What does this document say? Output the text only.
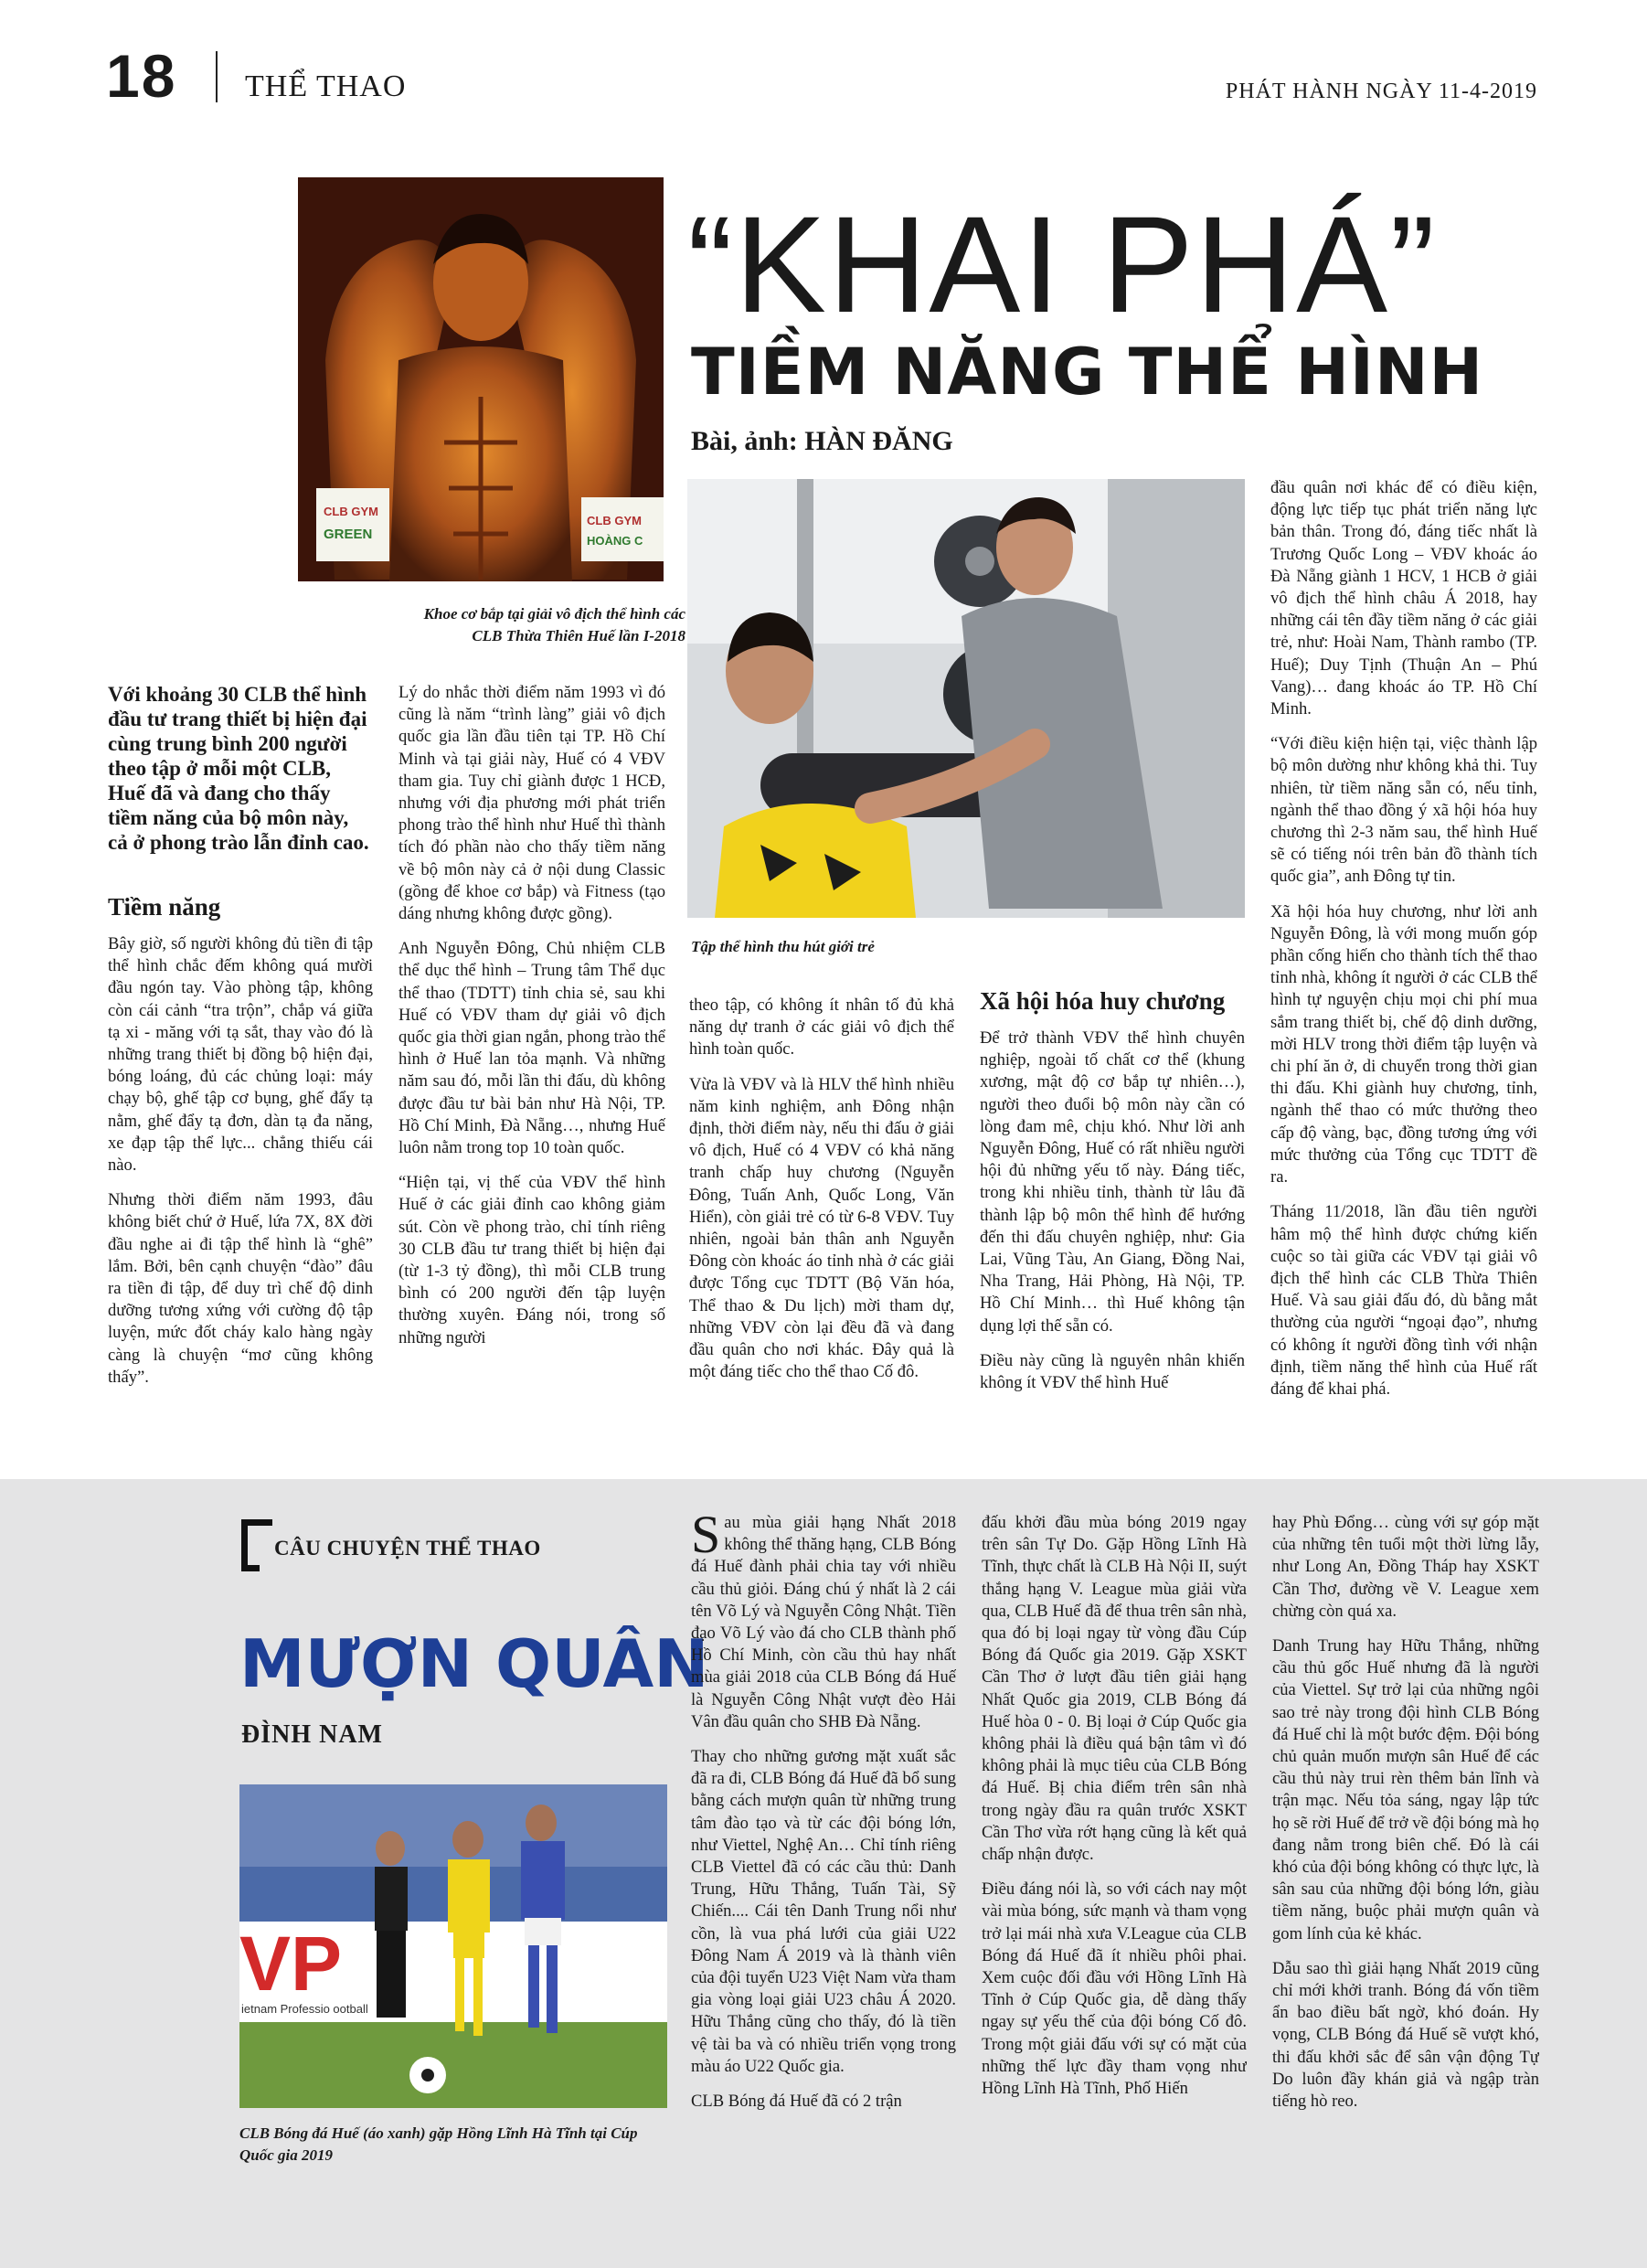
18 THỂ THAO	PHÁT HÀNH NGÀY 11-4-2019
“KHAI PHÁ”
TIỀM NĂNG THỂ HÌNH
Bài, ảnh: HÀN ĐĂNG
CLB GYM
GREEN
CLB GYM
HOÀNG C
Khoe cơ bắp tại giải vô địch thể hình các CLB Thừa Thiên Huế lần I-2018
Tập thể hình thu hút giới trẻ

Với khoảng 30 CLB thể hình đầu tư trang thiết bị hiện đại cùng trung bình 200 người theo tập ở mỗi một CLB, Huế đã và đang cho thấy tiềm năng của bộ môn này, cả ở phong trào lẫn đỉnh cao.

Tiềm năng

Bây giờ, số người không đủ tiền đi tập thể hình chắc đếm không quá mười đầu ngón tay. Vào phòng tập, không còn cái cảnh “tra trộn”, chắp vá giữa tạ xi - măng với tạ sắt, thay vào đó là những trang thiết bị đồng bộ hiện đại, bóng loáng, đủ các chủng loại: máy chạy bộ, ghế tập cơ bụng, ghế đẩy tạ nằm, ghế đẩy tạ đơn, dàn tạ đa năng, xe đạp tập thể lực... chẳng thiếu cái nào.

Nhưng thời điểm năm 1993, đâu không biết chứ ở Huế, lứa 7X, 8X đời đầu nghe ai đi tập thể hình là “ghê” lắm. Bởi, bên cạnh chuyện “đào” đâu ra tiền đi tập, để duy trì chế độ dinh dưỡng tương xứng với cường độ tập luyện, mức đốt cháy kalo hàng ngày càng là chuyện “mơ cũng không thấy”.

Lý do nhắc thời điểm năm 1993 vì đó cũng là năm “trình làng” giải vô địch quốc gia lần đầu tiên tại TP. Hồ Chí Minh và tại giải này, Huế có 4 VĐV tham gia. Tuy chỉ giành được 1 HCĐ, nhưng với địa phương mới phát triển phong trào thể hình như Huế thì thành tích đó phần nào cho thấy tiềm năng về bộ môn này cả ở nội dung Classic (gồng để khoe cơ bắp) và Fitness (tạo dáng nhưng không được gồng).

Anh Nguyễn Đông, Chủ nhiệm CLB thể dục thể hình – Trung tâm Thể dục thể thao (TDTT) tỉnh chia sẻ, sau khi Huế có VĐV tham dự giải vô địch quốc gia thời gian ngắn, phong trào thể hình ở Huế lan tỏa mạnh. Và những năm sau đó, mỗi lần thi đấu, dù không được đầu tư bài bản như Hà Nội, TP. Hồ Chí Minh, Đà Nẵng…, nhưng Huế luôn nằm trong top 10 toàn quốc.

“Hiện tại, vị thế của VĐV thể hình Huế ở các giải đỉnh cao không giảm sút. Còn về phong trào, chỉ tính riêng 30 CLB đầu tư trang thiết bị hiện đại (từ 1-3 tỷ đồng), thì mỗi CLB trung bình có 200 người đến tập luyện thường xuyên. Đáng nói, trong số những người

theo tập, có không ít nhân tố đủ khả năng dự tranh ở các giải vô địch thể hình toàn quốc.

Vừa là VĐV và là HLV thể hình nhiều năm kinh nghiệm, anh Đông nhận định, thời điểm này, nếu thi đấu ở giải vô địch, Huế có 4 VĐV có khả năng tranh chấp huy chương (Nguyễn Đông, Tuấn Anh, Quốc Long, Văn Hiển), còn giải trẻ có từ 6-8 VĐV. Tuy nhiên, ngoài bản thân anh Nguyễn Đông còn khoác áo tỉnh nhà ở các giải được Tổng cục TDTT (Bộ Văn hóa, Thể thao & Du lịch) mời tham dự, những VĐV còn lại đều đã và đang đầu quân cho nơi khác. Đây quả là một đáng tiếc cho thể thao Cố đô.

Xã hội hóa huy chương

Để trở thành VĐV thể hình chuyên nghiệp, ngoài tố chất cơ thể (khung xương, mật độ cơ bắp tự nhiên…), người theo đuổi bộ môn này cần có lòng đam mê, chịu khó. Như lời anh Nguyễn Đông, Huế có rất nhiều người hội đủ những yếu tố này. Đáng tiếc, trong khi nhiều tỉnh, thành từ lâu đã thành lập bộ môn thể hình để hướng đến thi đấu chuyên nghiệp, như: Gia Lai, Vũng Tàu, An Giang, Đồng Nai, Nha Trang, Hải Phòng, Hà Nội, TP. Hồ Chí Minh… thì Huế không tận dụng lợi thế sẵn có.

Điều này cũng là nguyên nhân khiến không ít VĐV thể hình Huế

đầu quân nơi khác để có điều kiện, động lực tiếp tục phát triển năng lực bản thân. Trong đó, đáng tiếc nhất là Trương Quốc Long – VĐV khoác áo Đà Nẵng giành 1 HCV, 1 HCB ở giải vô địch thể hình châu Á 2018, hay những cái tên đầy tiềm năng ở các giải trẻ, như: Hoài Nam, Thành rambo (TP. Huế); Duy Tịnh (Thuận An – Phú Vang)… đang khoác áo TP. Hồ Chí Minh.

“Với điều kiện hiện tại, việc thành lập bộ môn dường như không khả thi. Tuy nhiên, từ tiềm năng sẵn có, nếu tỉnh, ngành thể thao đồng ý xã hội hóa huy chương thì 2-3 năm sau, thể hình Huế sẽ có tiếng nói trên bản đồ thành tích quốc gia”, anh Đông tự tin.

Xã hội hóa huy chương, như lời anh Nguyễn Đông, là với mong muốn góp phần cống hiến cho thành tích thể thao tỉnh nhà, không ít người ở các CLB thể hình tự nguyện chịu mọi chi phí mua sắm trang thiết bị, chế độ dinh dưỡng, mời HLV trong thời điểm tập luyện và chi phí ăn ở, di chuyển trong thời gian thi đấu. Khi giành huy chương, tỉnh, ngành thể thao có mức thưởng theo cấp độ vàng, bạc, đồng tương ứng với mức thưởng của Tổng cục TDTT đề ra.

Tháng 11/2018, lần đầu tiên người hâm mộ thể hình được chứng kiến cuộc so tài giữa các VĐV tại giải vô địch thể hình các CLB Thừa Thiên Huế. Và sau giải đấu đó, dù bằng mắt thường của người “ngoại đạo”, nhưng có không ít người đồng tình với nhận định, tiềm năng thể hình của Huế rất đáng để khai phá.

CÂU CHUYỆN THỂ THAO
MƯỢN QUÂN
ĐÌNH NAM
VP
ietnam Professio ootball
CLB Bóng đá Huế (áo xanh) gặp Hồng Lĩnh Hà Tĩnh tại Cúp Quốc gia 2019

Sau mùa giải hạng Nhất 2018 không thể thăng hạng, CLB Bóng đá Huế đành phải chia tay với nhiều cầu thủ giỏi. Đáng chú ý nhất là 2 cái tên Võ Lý và Nguyễn Công Nhật. Tiền đạo Võ Lý vào đá cho CLB thành phố Hồ Chí Minh, còn cầu thủ hay nhất mùa giải 2018 của CLB Bóng đá Huế là Nguyễn Công Nhật vượt đèo Hải Vân đầu quân cho SHB Đà Nẵng.

Thay cho những gương mặt xuất sắc đã ra đi, CLB Bóng đá Huế đã bổ sung bằng cách mượn quân từ những trung tâm đào tạo và từ các đội bóng lớn, như Viettel, Nghệ An… Chỉ tính riêng CLB Viettel đã có các cầu thủ: Danh Trung, Hữu Thắng, Tuấn Tài, Sỹ Chiến.... Cái tên Danh Trung nổi như cồn, là vua phá lưới của giải U22 Đông Nam Á 2019 và là thành viên của đội tuyển U23 Việt Nam vừa tham gia vòng loại giải U23 châu Á 2020. Hữu Thắng cũng cho thấy, đó là tiền vệ tài ba và có nhiều triển vọng trong màu áo U22 Quốc gia.

CLB Bóng đá Huế đã có 2 trận

đấu khởi đầu mùa bóng 2019 ngay trên sân Tự Do. Gặp Hồng Lĩnh Hà Tĩnh, thực chất là CLB Hà Nội II, suýt thắng hạng V. League mùa giải vừa qua, CLB Huế đã để thua trên sân nhà, qua đó bị loại ngay từ vòng đầu Cúp Bóng đá Quốc gia 2019. Gặp XSKT Cần Thơ ở lượt đầu tiên giải hạng Nhất Quốc gia 2019, CLB Bóng đá Huế hòa 0 - 0. Bị loại ở Cúp Quốc gia không phải là điều quá bận tâm vì đó không phải là mục tiêu của CLB Bóng đá Huế. Bị chia điểm trên sân nhà trong ngày đầu ra quân trước XSKT Cần Thơ vừa rớt hạng cũng là kết quả chấp nhận được.

Điều đáng nói là, so với cách nay một vài mùa bóng, sức mạnh và tham vọng trở lại mái nhà xưa V.League của CLB Bóng đá Huế đã ít nhiều phôi phai. Xem cuộc đối đầu với Hồng Lĩnh Hà Tĩnh ở Cúp Quốc gia, dễ dàng thấy ngay sự yếu thế của đội bóng Cố đô. Trong một giải đấu với sự có mặt của những thế lực đầy tham vọng như Hồng Lĩnh Hà Tĩnh, Phố Hiến

hay Phù Đổng… cùng với sự góp mặt của những tên tuổi một thời lừng lẫy, như Long An, Đồng Tháp hay XSKT Cần Thơ, đường về V. League xem chừng còn quá xa.

Danh Trung hay Hữu Thắng, những cầu thủ gốc Huế nhưng đã là người của Viettel. Sự trở lại của những ngôi sao trẻ này trong đội hình CLB Bóng đá Huế chỉ là một bước đệm. Đội bóng chủ quản muốn mượn sân Huế để các cầu thủ này trui rèn thêm bản lĩnh và trận mạc. Nếu tỏa sáng, ngay lập tức họ sẽ rời Huế để trở về đội bóng mà họ đang nằm trong biên chế. Đó là cái khó của đội bóng không có thực lực, là sân sau của những đội bóng lớn, giàu tiềm năng, buộc phải mượn quân và gom lính của kẻ khác.

Dẫu sao thì giải hạng Nhất 2019 cũng chỉ mới khởi tranh. Bóng đá vốn tiềm ẩn bao điều bất ngờ, khó đoán. Hy vọng, CLB Bóng đá Huế sẽ vượt khó, thi đấu khởi sắc để sân vận động Tự Do luôn đầy khán giả và ngập tràn tiếng hò reo.
